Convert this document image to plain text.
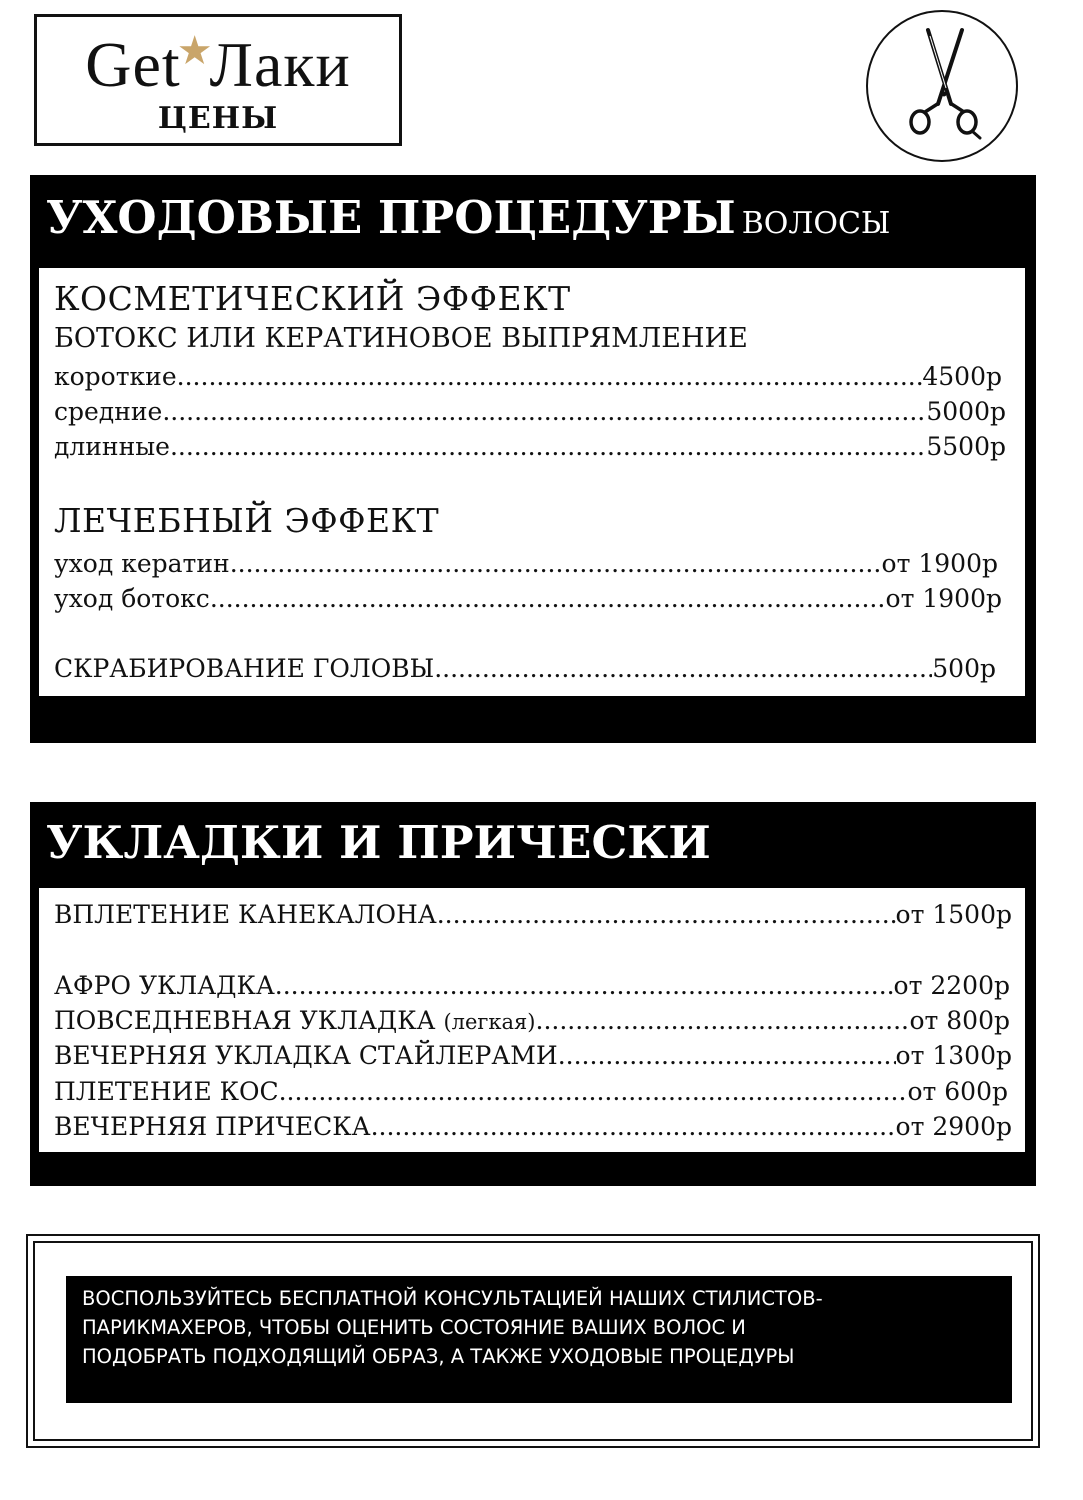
Get★Лаки
ЦЕНЫ
УХОДОВЫЕ ПРОЦЕДУРЫ ВОЛОСЫ
КОСМЕТИЧЕСКИЙ ЭФФЕКТ
БОТОКС ИЛИ КЕРАТИНОВОЕ ВЫПРЯМЛЕНИЕ
короткие .....	4500р
средние .....	5000р
длинные .....	5500р
ЛЕЧЕБНЫЙ ЭФФЕКТ
уход кератин .....	от 1900р
уход ботокс .....	от 1900р
СКРАБИРОВАНИЕ ГОЛОВЫ .....	500р
УКЛАДКИ И ПРИЧЕСКИ
ВПЛЕТЕНИЕ КАНЕКАЛОНА .....	от 1500р
АФРО УКЛАДКА .....	от 2200р
ПОВСЕДНЕВНАЯ УКЛАДКА (легкая) .....	от 800р
ВЕЧЕРНЯЯ УКЛАДКА СТАЙЛЕРАМИ .....	от 1300р
ПЛЕТЕНИЕ КОС .....	от 600р
ВЕЧЕРНЯЯ ПРИЧЕСКА .....	от 2900р
ВОСПОЛЬЗУЙТЕСЬ БЕСПЛАТНОЙ КОНСУЛЬТАЦИЕЙ НАШИХ СТИЛИСТОВ-
ПАРИКМАХЕРОВ, ЧТОБЫ ОЦЕНИТЬ СОСТОЯНИЕ ВАШИХ ВОЛОС И
ПОДОБРАТЬ ПОДХОДЯЩИЙ ОБРАЗ, А ТАКЖЕ УХОДОВЫЕ ПРОЦЕДУРЫ
